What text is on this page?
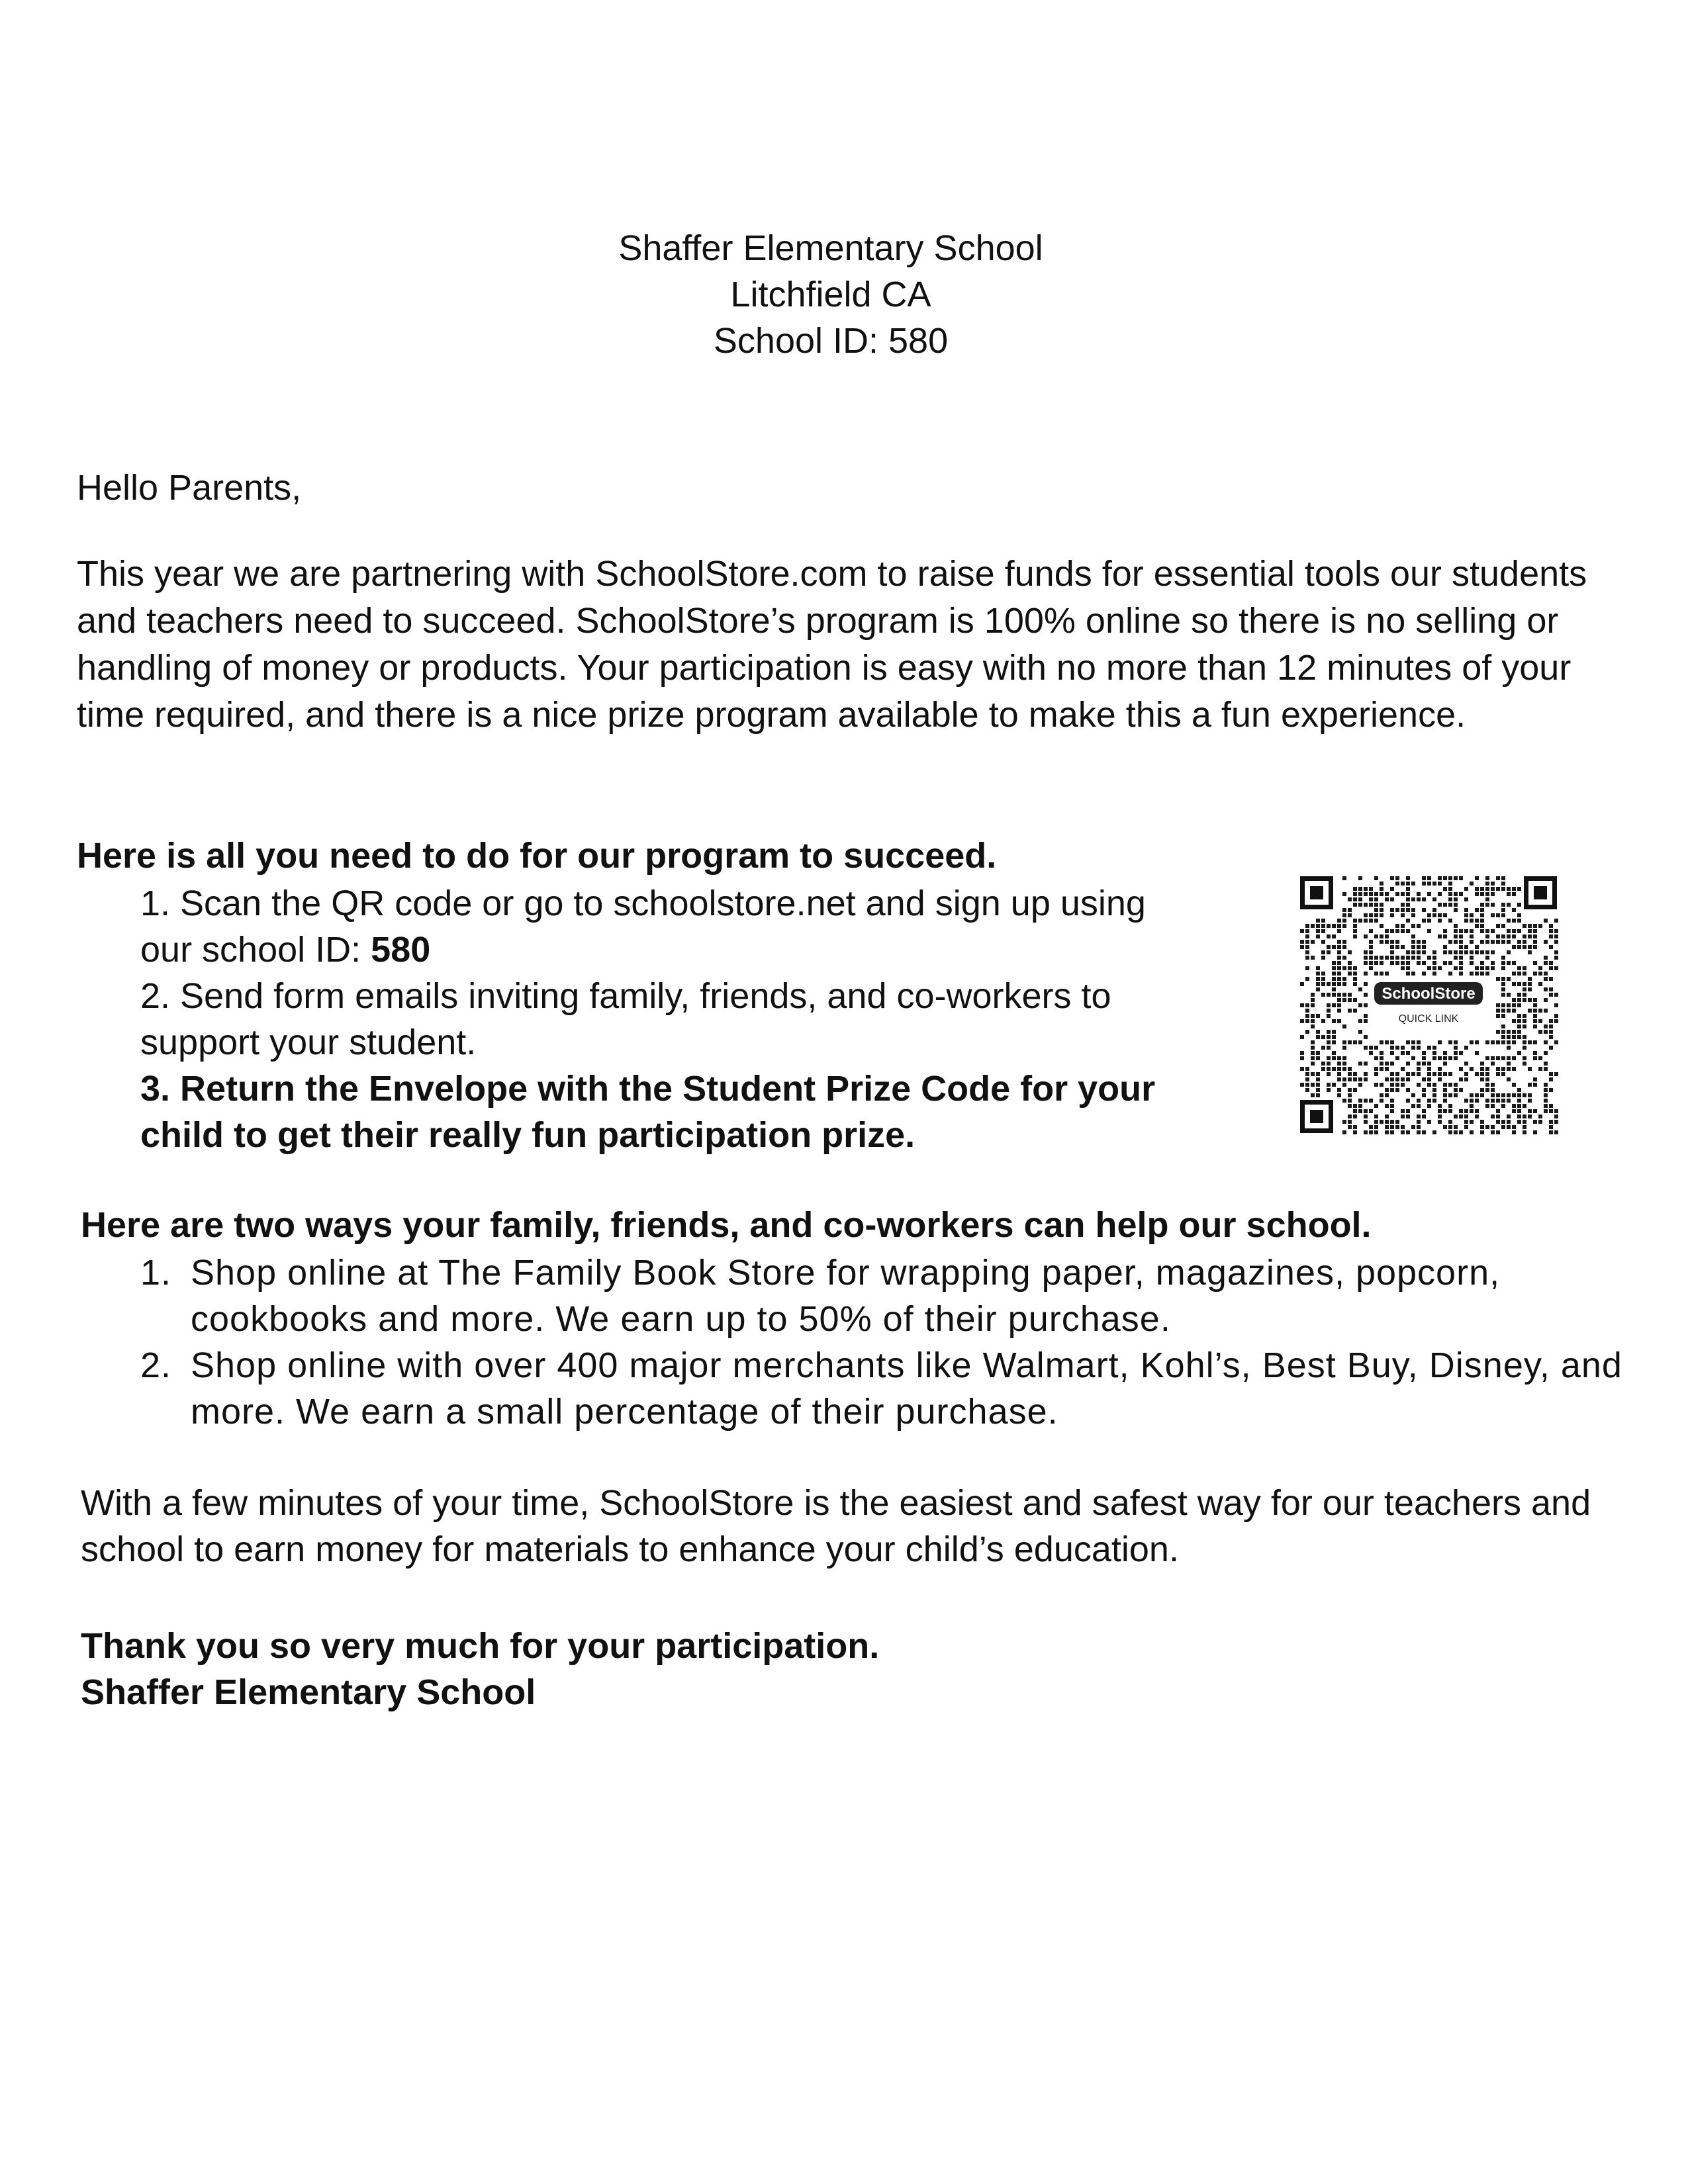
Shaffer Elementary School
Litchfield CA
School ID: 580
Hello Parents,

This year we are partnering with SchoolStore.com to raise funds for essential tools our students and teachers need to succeed. SchoolStore’s program is 100% online so there is no selling or handling of money or products. Your participation is easy with no more than 12 minutes of your time required, and there is a nice prize program available to make this a fun experience.

Here is all you need to do for our program to succeed.
1. Scan the QR code or go to schoolstore.net and sign up using
our school ID: 580
2. Send form emails inviting family, friends, and co-workers to
support your student.
3. Return the Envelope with the Student Prize Code for your
child to get their really fun participation prize.
SchoolStore
QUICK LINK
Here are two ways your family, friends, and co-workers can help our school.
1. Shop online at The Family Book Store for wrapping paper, magazines, popcorn, cookbooks and more. We earn up to 50% of their purchase.
2. Shop online with over 400 major merchants like Walmart, Kohl’s, Best Buy, Disney, and more. We earn a small percentage of their purchase.

With a few minutes of your time, SchoolStore is the easiest and safest way for our teachers and school to earn money for materials to enhance your child’s education.

Thank you so very much for your participation.
Shaffer Elementary School
